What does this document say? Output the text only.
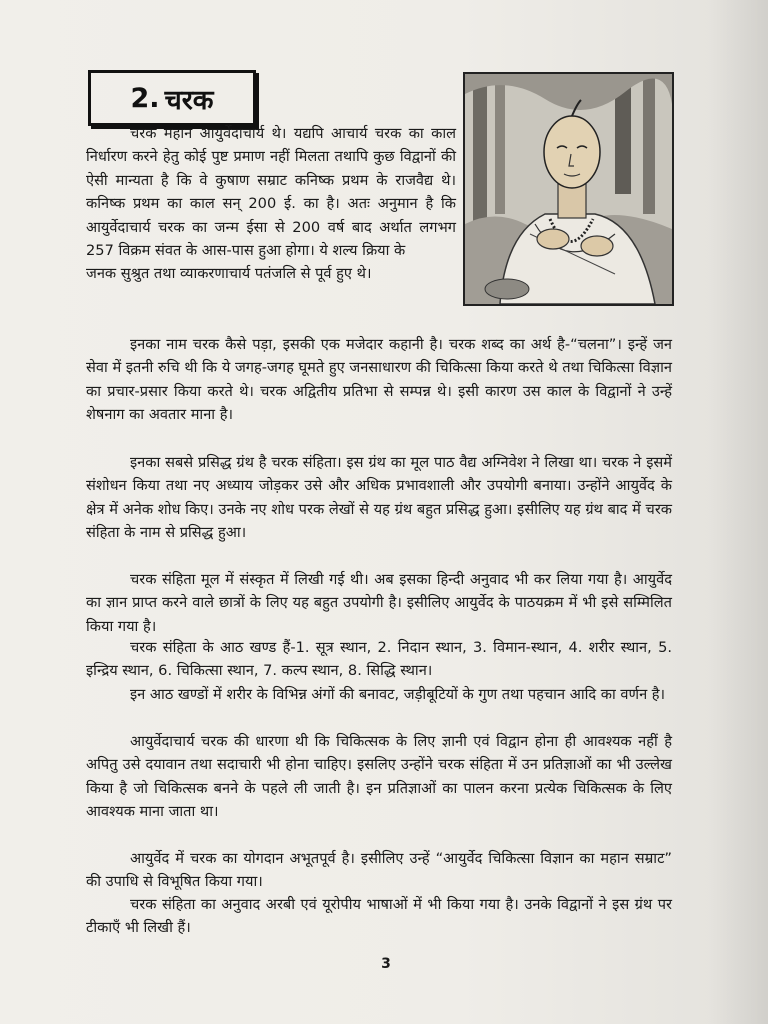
2.
चरक

चरक महान आयुर्वेदाचार्य थे। यद्यपि आचार्य चरक का काल निर्धारण करने हेतु कोई पुष्ट प्रमाण नहीं मिलता तथापि कुछ विद्वानों की ऐसी मान्यता है कि वे कुषाण सम्राट कनिष्क प्रथम के राजवैद्य थे। कनिष्क प्रथम का काल सन् 200 ई. का है। अतः अनुमान है कि आयुर्वेदाचार्य चरक का जन्म ईसा से 200 वर्ष बाद अर्थात लगभग 257 विक्रम संवत के आस-पास हुआ होगा। ये शल्य क्रिया के
जनक सुश्रुत तथा व्याकरणाचार्य पतंजलि से पूर्व हुए थे।

इनका नाम चरक कैसे पड़ा, इसकी एक मजेदार कहानी है। चरक शब्द का अर्थ है-“चलना”। इन्हें जन सेवा में इतनी रुचि थी कि ये जगह-जगह घूमते हुए जनसाधारण की चिकित्सा किया करते थे तथा चिकित्सा विज्ञान का प्रचार-प्रसार किया करते थे। चरक अद्वितीय प्रतिभा से सम्पन्न थे। इसी कारण उस काल के विद्वानों ने उन्हें शेषनाग का अवतार माना है।

इनका सबसे प्रसिद्ध ग्रंथ है चरक संहिता। इस ग्रंथ का मूल पाठ वैद्य अग्निवेश ने लिखा था। चरक ने इसमें संशोधन किया तथा नए अध्याय जोड़कर उसे और अधिक प्रभावशाली और उपयोगी बनाया। उन्होंने आयुर्वेद के क्षेत्र में अनेक शोध किए। उनके नए शोध परक लेखों से यह ग्रंथ बहुत प्रसिद्ध हुआ। इसीलिए यह ग्रंथ बाद में चरक संहिता के नाम से प्रसिद्ध हुआ।

चरक संहिता मूल में संस्कृत में लिखी गई थी। अब इसका हिन्दी अनुवाद भी कर लिया गया है। आयुर्वेद का ज्ञान प्राप्त करने वाले छात्रों के लिए यह बहुत उपयोगी है। इसीलिए आयुर्वेद के पाठयक्रम में भी इसे सम्मिलित किया गया है।

चरक संहिता के आठ खण्ड हैं-1. सूत्र स्थान, 2. निदान स्थान, 3. विमान-स्थान, 4. शरीर स्थान, 5. इन्द्रिय स्थान, 6. चिकित्सा स्थान, 7. कल्प स्थान, 8. सिद्धि स्थान।

इन आठ खण्डों में शरीर के विभिन्न अंगों की बनावट, जड़ीबूटियों के गुण तथा पहचान आदि का वर्णन है।

आयुर्वेदाचार्य चरक की धारणा थी कि चिकित्सक के लिए ज्ञानी एवं विद्वान होना ही आवश्यक नहीं है अपितु उसे दयावान तथा सदाचारी भी होना चाहिए। इसलिए उन्होंने चरक संहिता में उन प्रतिज्ञाओं का भी उल्लेख किया है जो चिकित्सक बनने के पहले ली जाती है। इन प्रतिज्ञाओं का पालन करना प्रत्येक चिकित्सक के लिए आवश्यक माना जाता था।

आयुर्वेद में चरक का योगदान अभूतपूर्व है। इसीलिए उन्हें “आयुर्वेद चिकित्सा विज्ञान का महान सम्राट” की उपाधि से विभूषित किया गया।

चरक संहिता का अनुवाद अरबी एवं यूरोपीय भाषाओं में भी किया गया है। उनके विद्वानों ने इस ग्रंथ पर टीकाएँ भी लिखी हैं।

3
